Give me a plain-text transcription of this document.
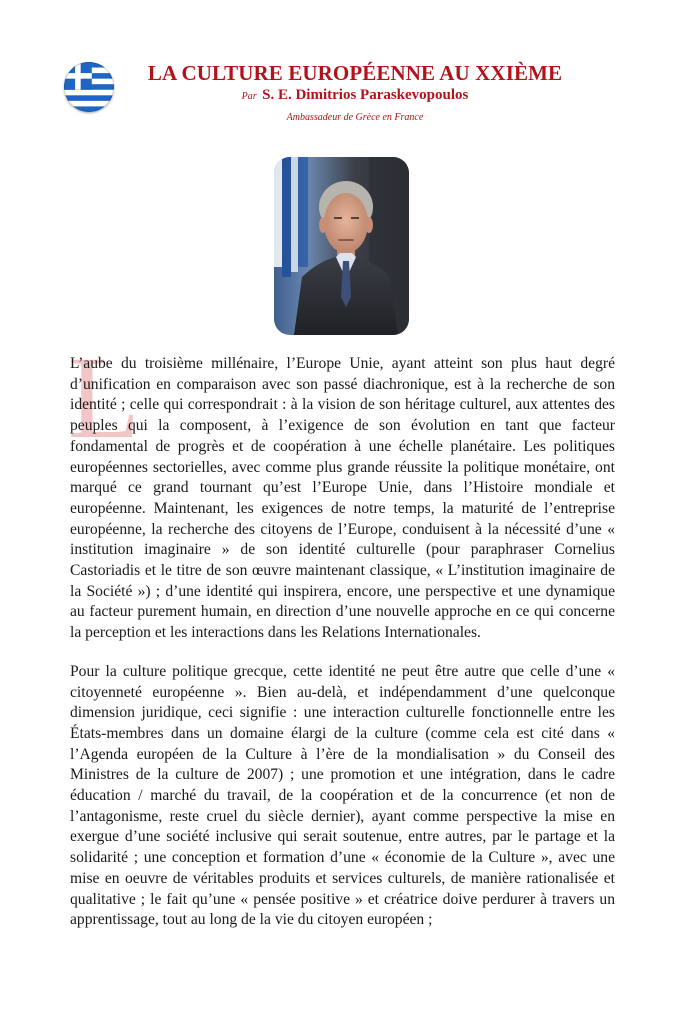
LA CULTURE EUROPÉENNE AU XXIÈME
Par S. E. Dimitrios Paraskevopoulos
Ambassadeur de Grèce en France
L

L’aube du troisième millénaire, l’Europe Unie, ayant atteint son plus haut degré d’unification en comparaison avec son passé diachronique, est à la recherche de son identité ; celle qui correspondrait : à la vision de son héritage culturel, aux attentes des peuples qui la composent, à l’exigence de son évolution en tant que facteur fondamental de progrès et de coopération à une échelle planétaire. Les politiques européennes sectorielles, avec comme plus grande réussite la politique monétaire, ont marqué ce grand tournant qu’est l’Europe Unie, dans l’Histoire mondiale et européenne. Maintenant, les exigences de notre temps, la maturité de l’entreprise européenne, la recherche des citoyens de l’Europe, conduisent à la nécessité d’une « institution imaginaire » de son identité culturelle (pour paraphraser Cornelius Castoriadis et le titre de son œuvre maintenant classique, « L’institution imaginaire de la Société ») ; d’une identité qui inspirera, encore, une perspective et une dynamique au facteur purement humain, en direction d’une nouvelle approche en ce qui concerne la perception et les interactions dans les Relations Internationales.

Pour la culture politique grecque, cette identité ne peut être autre que celle d’une « citoyenneté européenne ». Bien au-delà, et indépendamment d’une quelconque dimension juridique, ceci signifie : une interaction culturelle fonctionnelle entre les États-membres dans un domaine élargi de la culture (comme cela est cité dans « l’Agenda européen de la Culture à l’ère de la mondialisation » du Conseil des Ministres de la culture de 2007) ; une promotion et une intégration, dans le cadre éducation / marché du travail, de la coopération et de la concurrence (et non de l’antagonisme, reste cruel du siècle dernier), ayant comme perspective la mise en exergue d’une société inclusive qui serait soutenue, entre autres, par le partage et la solidarité ; une conception et formation d’une « économie de la Culture », avec une mise en oeuvre de véritables produits et services culturels, de manière rationalisée et qualitative ; le fait qu’une « pensée positive » et créatrice doive perdurer à travers un apprentissage, tout au long de la vie du citoyen européen ;
